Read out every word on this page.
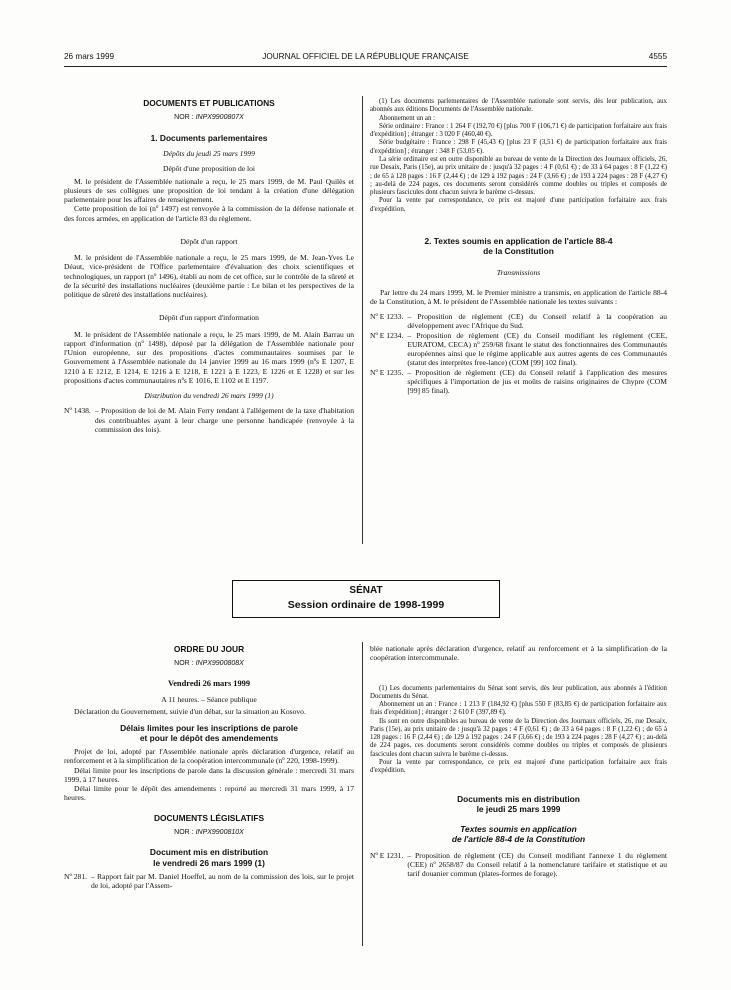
26 mars 1999	JOURNAL OFFICIEL DE LA RÉPUBLIQUE FRANÇAISE	4555
DOCUMENTS ET PUBLICATIONS
NOR : INPX9900807X
1. Documents parlementaires
Dépôts du jeudi 25 mars 1999
Dépôt d'une proposition de loi

M. le président de l'Assemblée nationale a reçu, le 25 mars 1999, de M. Paul Quilès et plusieurs de ses collègues une proposition de loi tendant à la création d'une délégation parlementaire pour les affaires de renseignement.

Cette proposition de loi (nº 1497) est renvoyée à la commission de la défense nationale et des forces armées, en application de l'article 83 du règlement.

Dépôt d'un rapport

M. le président de l'Assemblée nationale a reçu, le 25 mars 1999, de M. Jean-Yves Le Déaut, vice-président de l'Office parlementaire d'évaluation des choix scientifiques et technologiques, un rapport (nº 1496), établi au nom de cet office, sur le contrôle de la sûreté et de la sécurité des installations nucléaires (deuxième partie : Le bilan et les perspectives de la politique de sûreté des installations nucléaires).

Dépôt d'un rapport d'information

M. le président de l'Assemblée nationale a reçu, le 25 mars 1999, de M. Alain Barrau un rapport d'information (nº 1498), déposé par la délégation de l'Assemblée nationale pour l'Union européenne, sur des propositions d'actes communautaires soumises par le Gouvernement à l'Assemblée nationale du 14 janvier 1999 au 16 mars 1999 (nºs E 1207, E 1210 à E 1212, E 1214, E 1216 à E 1218, E 1221 à E 1223, E 1226 et E 1228) et sur les propositions d'actes communautaires nºs E 1016, E 1102 et E 1197.

Distribution du vendredi 26 mars 1999 (1)
Nº 1438. – Proposition de loi de M. Alain Ferry tendant à l'allégement de la taxe d'habitation des contribuables ayant à leur charge une personne handicapée (renvoyée à la commission des lois).

(1) Les documents parlementaires de l'Assemblée nationale sont servis, dès leur publication, aux abonnés aux éditions Documents de l'Assemblée nationale.

Abonnement un an :

Série ordinaire : France : 1 264 F (192,70 €) [plus 700 F (106,71 €) de participation forfaitaire aux frais d'expédition] ; étranger : 3 020 F (460,40 €).

Série budgétaire : France : 298 F (45,43 €) [plus 23 F (3,51 €) de participation forfaitaire aux frais d'expédition] ; étranger : 348 F (53,05 €).

La série ordinaire est en outre disponible au bureau de vente de la Direction des Journaux officiels, 26, rue Desaix, Paris (15e), au prix unitaire de : jusqu'à 32 pages : 4 F (0,61 €) ; de 33 à 64 pages : 8 F (1,22 €) ; de 65 à 128 pages : 16 F (2,44 €) ; de 129 à 192 pages : 24 F (3,66 €) ; de 193 à 224 pages : 28 F (4,27 €) ; au-delà de 224 pages, ces documents seront considérés comme doubles ou triples et composés de plusieurs fascicules dont chacun suivra le barème ci-dessus.

Pour la vente par correspondance, ce prix est majoré d'une participation forfaitaire aux frais d'expédition.

2. Textes soumis en application de l'article 88-4
de la Constitution
Transmissions

Par lettre du 24 mars 1999, M. le Premier ministre a transmis, en application de l'article 88-4 de la Constitution, à M. le président de l'Assemblée nationale les textes suivants :

Nº E 1233. – Proposition de règlement (CE) du Conseil relatif à la coopération au développement avec l'Afrique du Sud.
Nº E 1234. – Proposition de règlement (CE) du Conseil modifiant les règlement (CEE, EURATOM, CECA) nº 259/68 fixant le statut des fonctionnaires des Communautés européennes ainsi que le régime applicable aux autres agents de ces Communautés (statut des interprètes free-lance) (COM [99] 102 final).
Nº E 1235. – Proposition de règlement (CE) du Conseil relatif à l'application des mesures spécifiques à l'importation de jus et moûts de raisins originaires de Chypre (COM [99] 85 final).
SÉNAT
Session ordinaire de 1998-1999
ORDRE DU JOUR
NOR : INPX9900808X
Vendredi 26 mars 1999
A 11 heures. – Séance publique

Déclaration du Gouvernement, suivie d'un débat, sur la situation au Kosovo.

Délais limites pour les inscriptions de parole
et pour le dépôt des amendements

Projet de loi, adopté par l'Assemblée nationale après déclaration d'urgence, relatif au renforcement et à la simplification de la coopération intercommunale (nº 220, 1998-1999).

Délai limite pour les inscriptions de parole dans la discussion générale : mercredi 31 mars 1999, à 17 heures.

Délai limite pour le dépôt des amendements : reporté au mercredi 31 mars 1999, à 17 heures.

DOCUMENTS LÉGISLATIFS
NOR : INPX9900810X
Document mis en distribution
le vendredi 26 mars 1999 (1)
Nº 281. – Rapport fait par M. Daniel Hoeffel, au nom de la commission des lois, sur le projet de loi, adopté par l'Assem-

blée nationale après déclaration d'urgence, relatif au renforcement et à la simplification de la coopération intercommunale.

(1) Les documents parlementaires du Sénat sont servis, dès leur publication, aux abonnés à l'édition Documents du Sénat.

Abonnement un an : France : 1 213 F (184,92 €) [plus 550 F (83,85 €) de participation forfaitaire aux frais d'expédition] ; étranger : 2 610 F (397,89 €).

Ils sont en outre disponibles au bureau de vente de la Direction des Journaux officiels, 26, rue Desaix, Paris (15e), au prix unitaire de : jusqu'à 32 pages : 4 F (0,61 €) ; de 33 à 64 pages : 8 F (1,22 €) ; de 65 à 128 pages : 16 F (2,44 €) ; de 129 à 192 pages : 24 F (3,66 €) ; de 193 à 224 pages : 28 F (4,27 €) ; au-delà de 224 pages, ces documents seront considérés comme doubles ou triples et composés de plusieurs fascicules dont chacun suivra le barème ci-dessus.

Pour la vente par correspondance, ce prix est majoré d'une participation forfaitaire aux frais d'expédition.

Documents mis en distribution
le jeudi 25 mars 1999
Textes soumis en application
de l'article 88-4 de la Constitution
Nº E 1231. – Proposition de règlement (CE) du Conseil modifiant l'annexe 1 du règlement (CEE) nº 2658/87 du Conseil relatif à la nomenclature tarifaire et statistique et au tarif douanier commun (plates-formes de forage).
